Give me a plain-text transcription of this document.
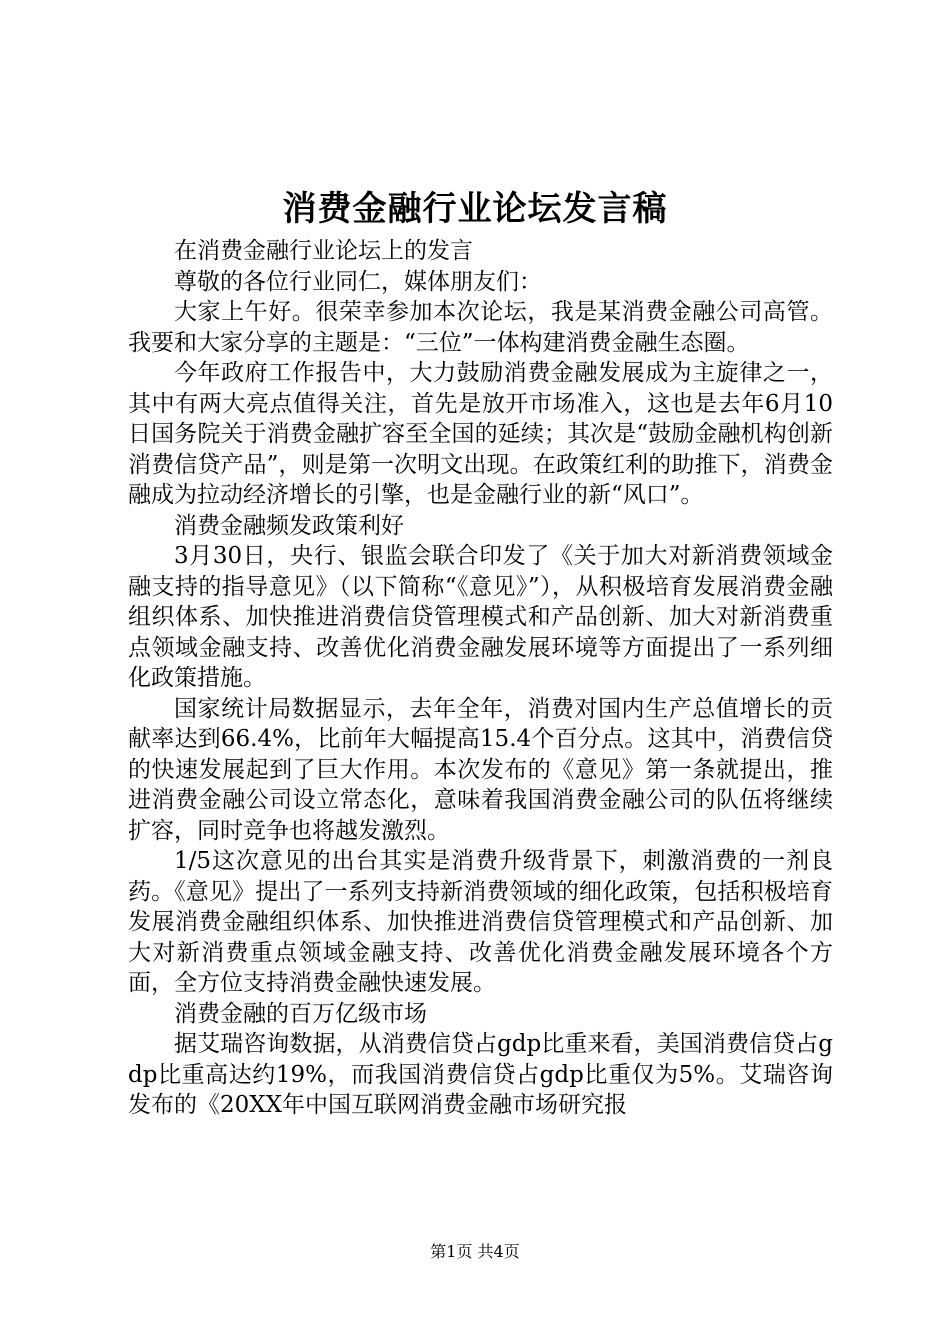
消费金融行业论坛发言稿

在消费金融行业论坛上的发言

尊敬的各位行业同仁，媒体朋友们：

大家上午好。很荣幸参加本次论坛，我是某消费金融公司高管。我要和大家分享的主题是：“三位”一体构建消费金融生态圈。

今年政府工作报告中，大力鼓励消费金融发展成为主旋律之一，其中有两大亮点值得关注，首先是放开市场准入，这也是去年6月10日国务院关于消费金融扩容至全国的延续；其次是“鼓励金融机构创新消费信贷产品”，则是第一次明文出现。在政策红利的助推下，消费金融成为拉动经济增长的引擎，也是金融行业的新“风口”。

消费金融频发政策利好

3月30日，央行、银监会联合印发了《关于加大对新消费领域金融支持的指导意见》（以下简称“《意见》”），从积极培育发展消费金融组织体系、加快推进消费信贷管理模式和产品创新、加大对新消费重点领域金融支持、改善优化消费金融发展环境等方面提出了一系列细化政策措施。

国家统计局数据显示，去年全年，消费对国内生产总值增长的贡献率达到66.4%，比前年大幅提高15.4个百分点。这其中，消费信贷的快速发展起到了巨大作用。本次发布的《意见》第一条就提出，推进消费金融公司设立常态化，意味着我国消费金融公司的队伍将继续扩容，同时竞争也将越发激烈。

1/5这次意见的出台其实是消费升级背景下，刺激消费的一剂良药。《意见》提出了一系列支持新消费领域的细化政策，包括积极培育发展消费金融组织体系、加快推进消费信贷管理模式和产品创新、加大对新消费重点领域金融支持、改善优化消费金融发展环境各个方面，全方位支持消费金融快速发展。

消费金融的百万亿级市场

据艾瑞咨询数据，从消费信贷占gdp比重来看，美国消费信贷占gdp比重高达约19%，而我国消费信贷占gdp比重仅为5%。艾瑞咨询发布的《20XX年中国互联网消费金融市场研究报

第1页 共4页
